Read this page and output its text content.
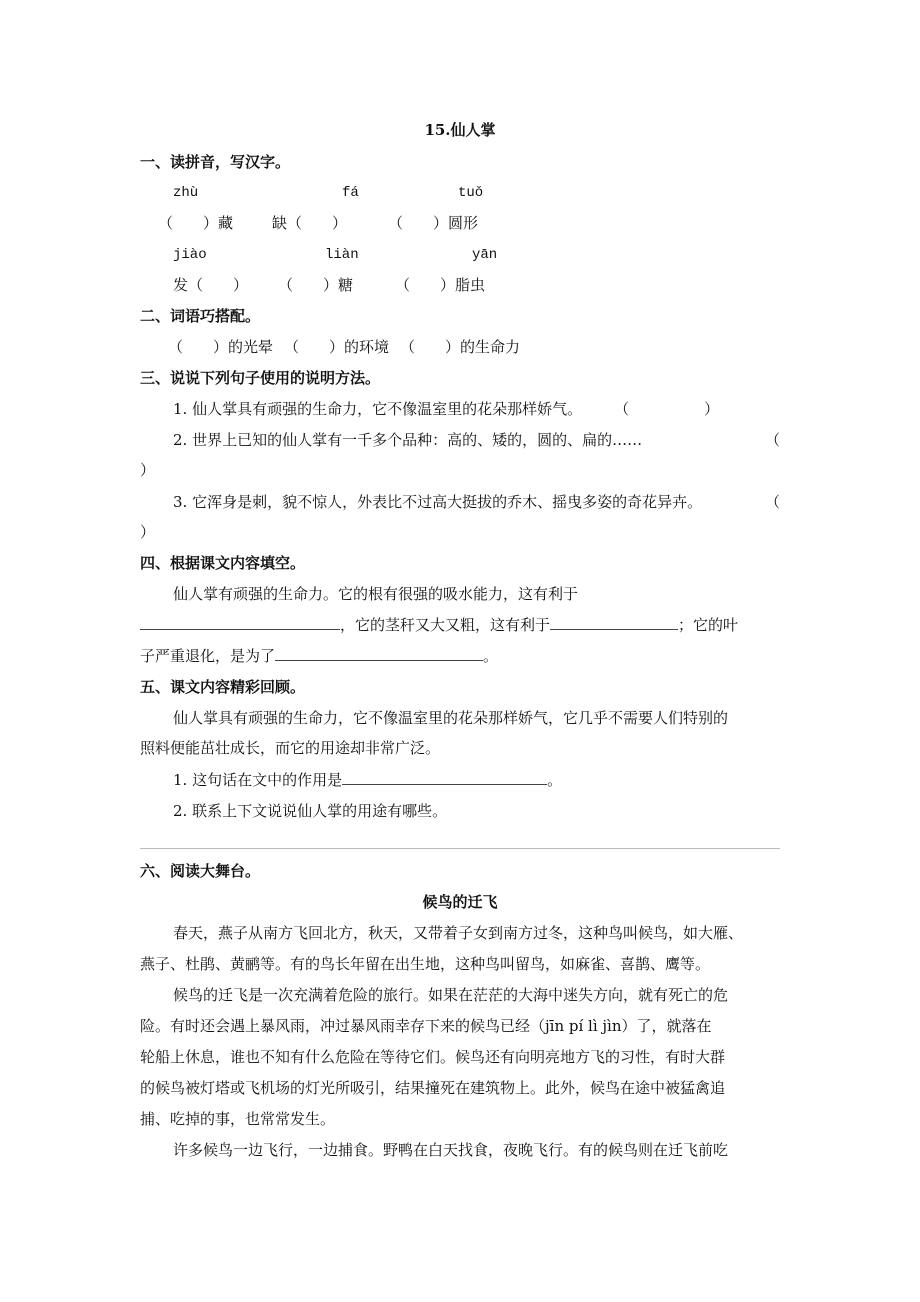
15.仙人掌
一、读拼音，写汉字。
zhù	fá	tuǒ
（　　）藏	缺（　　）	（　　）圆形
jiào	liàn	yān
发（　　） （　　）糖	（　　）脂虫
二、词语巧搭配。
（　　）的光晕 （　　）的环境 （　　）的生命力
三、说说下列句子使用的说明方法。
1. 仙人掌具有顽强的生命力，它不像温室里的花朵那样娇气。	（　　　　　）
2. 世界上已知的仙人掌有一千多个品种：高的、矮的，圆的、扁的……	（
）
3. 它浑身是刺，貌不惊人，外表比不过高大挺拔的乔木、摇曳多姿的奇花异卉。	（
）
四、根据课文内容填空。
仙人掌有顽强的生命力。它的根有很强的吸水能力，这有利于
，它的茎秆又大又粗，这有利于	；它的叶
子严重退化，是为了	。
五、课文内容精彩回顾。
仙人掌具有顽强的生命力，它不像温室里的花朵那样娇气，它几乎不需要人们特别的
照料便能茁壮成长，而它的用途却非常广泛。
1. 这句话在文中的作用是	。
2. 联系上下文说说仙人掌的用途有哪些。
六、阅读大舞台。
候鸟的迁飞
春天，燕子从南方飞回北方，秋天，又带着子女到南方过冬，这种鸟叫候鸟，如大雁、
燕子、杜鹃、黄鹂等。有的鸟长年留在出生地，这种鸟叫留鸟，如麻雀、喜鹊、鹰等。
候鸟的迁飞是一次充满着危险的旅行。如果在茫茫的大海中迷失方向，就有死亡的危
险。有时还会遇上暴风雨，冲过暴风雨幸存下来的候鸟已经（jīn pí lì jìn）了，就落在
轮船上休息，谁也不知有什么危险在等待它们。候鸟还有向明亮地方飞的习性，有时大群
的候鸟被灯塔或飞机场的灯光所吸引，结果撞死在建筑物上。此外，候鸟在途中被猛禽追
捕、吃掉的事，也常常发生。
许多候鸟一边飞行，一边捕食。野鸭在白天找食，夜晚飞行。有的候鸟则在迁飞前吃
